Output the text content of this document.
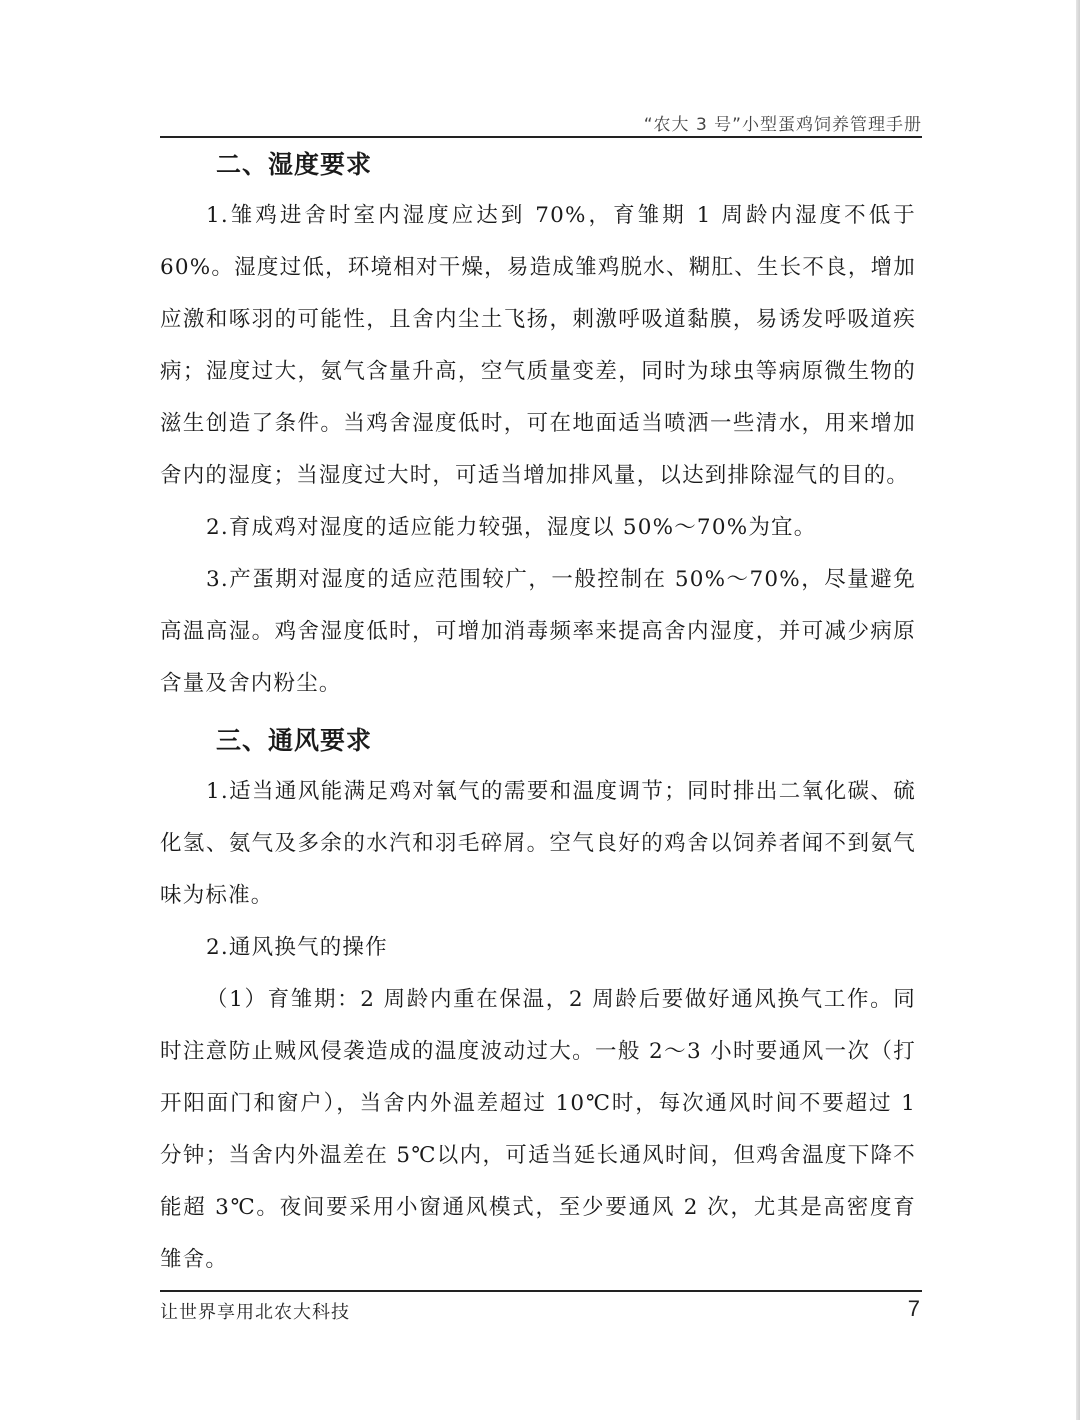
“农大 3 号”小型蛋鸡饲养管理手册
二、湿度要求

1.雏鸡进舍时室内湿度应达到 70%，育雏期 1 周龄内湿度不低于 60%。湿度过低，环境相对干燥，易造成雏鸡脱水、糊肛、生长不良，增加应激和啄羽的可能性，且舍内尘土飞扬，刺激呼吸道黏膜，易诱发呼吸道疾病；湿度过大，氨气含量升高，空气质量变差，同时为球虫等病原微生物的滋生创造了条件。当鸡舍湿度低时，可在地面适当喷洒一些清水，用来增加舍内的湿度；当湿度过大时，可适当增加排风量，以达到排除湿气的目的。

2.育成鸡对湿度的适应能力较强，湿度以 50%～70%为宜。

3.产蛋期对湿度的适应范围较广，一般控制在 50%～70%，尽量避免高温高湿。鸡舍湿度低时，可增加消毒频率来提高舍内湿度，并可减少病原含量及舍内粉尘。

三、通风要求

1.适当通风能满足鸡对氧气的需要和温度调节；同时排出二氧化碳、硫化氢、氨气及多余的水汽和羽毛碎屑。空气良好的鸡舍以饲养者闻不到氨气味为标准。

2.通风换气的操作

（1）育雏期：2 周龄内重在保温，2 周龄后要做好通风换气工作。同时注意防止贼风侵袭造成的温度波动过大。一般 2～3 小时要通风一次（打开阳面门和窗户），当舍内外温差超过 10℃时，每次通风时间不要超过 1 分钟；当舍内外温差在 5℃以内，可适当延长通风时间，但鸡舍温度下降不能超 3℃。夜间要采用小窗通风模式，至少要通风 2 次，尤其是高密度育雏舍。

让世界享用北农大科技	7
